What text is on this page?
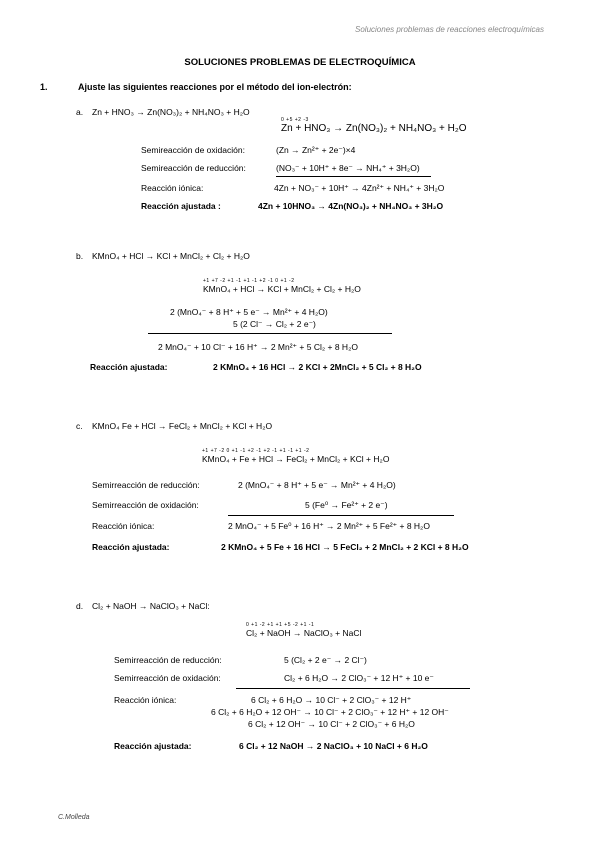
Soluciones problemas de reacciones electroquímicas
SOLUCIONES PROBLEMAS DE ELECTROQUÍMICA
1.	Ajuste las siguientes reacciones por el método del ion-electrón:
a. Zn + HNO₃ → Zn(NO₃)₂ + NH₄NO₃ + H₂O
0 +5 +2 -3
Zn + HNO₃ → Zn(NO₃)₂ + NH₄NO₃ + H₂O
Semireacción de oxidación:	(Zn → Zn²⁺ + 2e⁻)×4
Semireacción de reducción:	(NO₃⁻ + 10H⁺ + 8e⁻ → NH₄⁺ + 3H₂O)
Reacción iónica:	4Zn + NO₃⁻ + 10H⁺ → 4Zn²⁺ + NH₄⁺ + 3H₂O
Reacción ajustada :	4Zn + 10HNO₃ → 4Zn(NO₃)₂ + NH₄NO₃ + 3H₂O
b. KMnO₄ + HCl → KCl + MnCl₂ + Cl₂ + H₂O
+1 +7 -2 +1 -1 +1 -1 +2 -1 0 +1 -2
KMnO₄ + HCl → KCl + MnCl₂ + Cl₂ + H₂O
2 (MnO₄⁻ + 8 H⁺ + 5 e⁻ → Mn²⁺ + 4 H₂O)
5 (2 Cl⁻ → Cl₂ + 2 e⁻)
2 MnO₄⁻ + 10 Cl⁻ + 16 H⁺ → 2 Mn²⁺ + 5 Cl₂ + 8 H₂O
Reacción ajustada:	2 KMnO₄ + 16 HCl → 2 KCl + 2MnCl₂ + 5 Cl₂ + 8 H₂O
c. KMnO₄ Fe + HCl → FeCl₂ + MnCl₂ + KCl + H₂O
+1 +7 -2 0 +1 -1 +2 -1 +2 -1 +1 -1 +1 -2
KMnO₄ + Fe + HCl → FeCl₂ + MnCl₂ + KCl + H₂O
Semirreacción de reducción:	2 (MnO₄⁻ + 8 H⁺ + 5 e⁻ → Mn²⁺ + 4 H₂O)
Semirreacción de oxidación:	5 (Fe⁰ → Fe²⁺ + 2 e⁻)
Reacción iónica:	2 MnO₄⁻ + 5 Fe⁰ + 16 H⁺ → 2 Mn²⁺ + 5 Fe²⁺ + 8 H₂O
Reacción ajustada:	2 KMnO₄ + 5 Fe + 16 HCl → 5 FeCl₂ + 2 MnCl₂ + 2 KCl + 8 H₂O
d. Cl₂ + NaOH → NaClO₃ + NaCl:
0 +1 -2 +1 +1 +5 -2 +1 -1
Cl₂ + NaOH → NaClO₃ + NaCl
Semirreacción de reducción:	5 (Cl₂ + 2 e⁻ → 2 Cl⁻)
Semirreacción de oxidación:	Cl₂ + 6 H₂O → 2 ClO₃⁻ + 12 H⁺ + 10 e⁻
Reacción iónica:	6 Cl₂ + 6 H₂O → 10 Cl⁻ + 2 ClO₃⁻ + 12 H⁺
6 Cl₂ + 6 H₂O + 12 OH⁻ → 10 Cl⁻ + 2 ClO₃⁻ + 12 H⁺ + 12 OH⁻
6 Cl₂ + 12 OH⁻ → 10 Cl⁻ + 2 ClO₃⁻ + 6 H₂O
Reacción ajustada:	6 Cl₂ + 12 NaOH → 2 NaClO₃ + 10 NaCl + 6 H₂O
C.Molleda
